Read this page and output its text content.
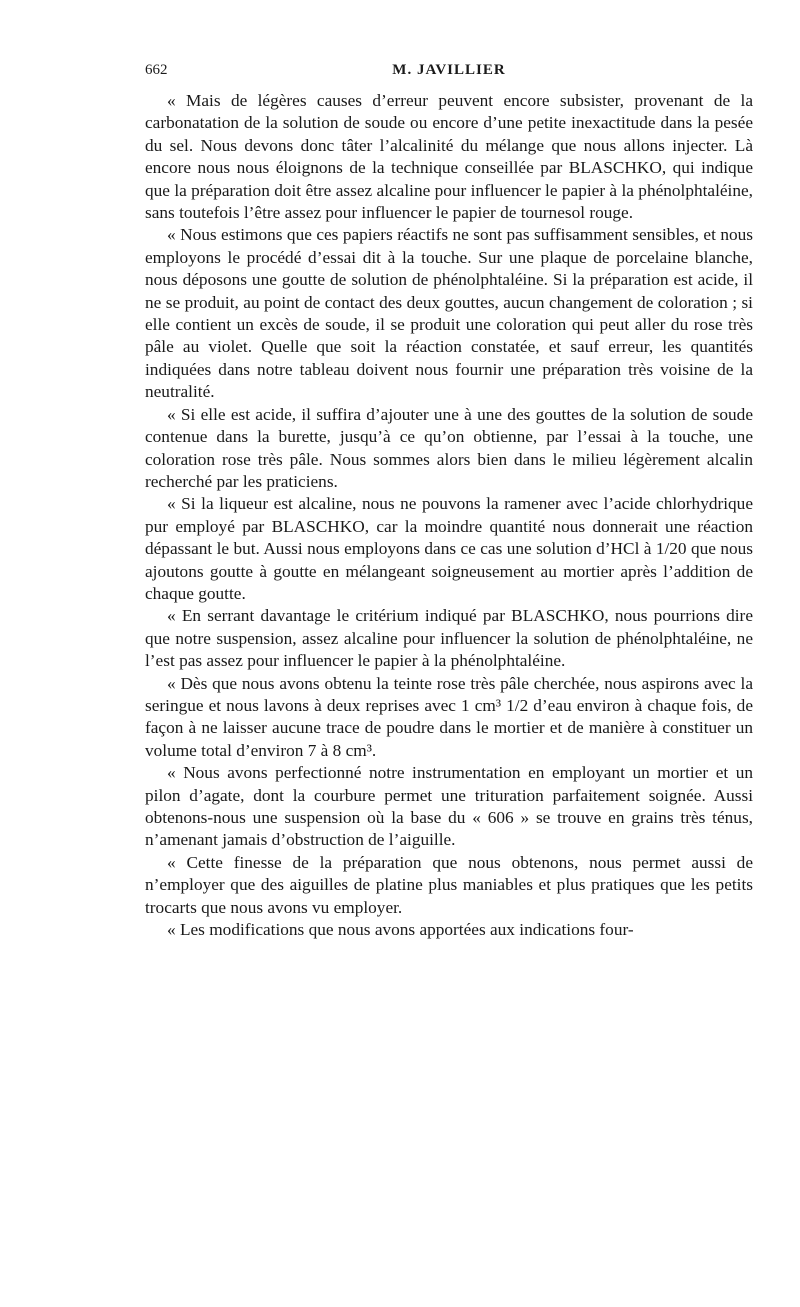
662	M. JAVILLIER

« Mais de légères causes d’erreur peuvent encore subsister, provenant de la carbonatation de la solution de soude ou encore d’une petite inexactitude dans la pesée du sel. Nous devons donc tâter l’alcalinité du mélange que nous allons injecter. Là encore nous nous éloignons de la technique conseillée par BLASCHKO, qui indique que la préparation doit être assez alcaline pour influencer le papier à la phénolphtaléine, sans toutefois l’être assez pour influencer le papier de tournesol rouge.

« Nous estimons que ces papiers réactifs ne sont pas suffisamment sensibles, et nous employons le procédé d’essai dit à la touche. Sur une plaque de porcelaine blanche, nous déposons une goutte de solution de phénolphtaléine. Si la préparation est acide, il ne se produit, au point de contact des deux gouttes, aucun changement de coloration ; si elle contient un excès de soude, il se produit une coloration qui peut aller du rose très pâle au violet. Quelle que soit la réaction constatée, et sauf erreur, les quantités indiquées dans notre tableau doivent nous fournir une préparation très voisine de la neutralité.

« Si elle est acide, il suffira d’ajouter une à une des gouttes de la solution de soude contenue dans la burette, jusqu’à ce qu’on obtienne, par l’essai à la touche, une coloration rose très pâle. Nous sommes alors bien dans le milieu légèrement alcalin recherché par les praticiens.

« Si la liqueur est alcaline, nous ne pouvons la ramener avec l’acide chlorhydrique pur employé par BLASCHKO, car la moindre quantité nous donnerait une réaction dépassant le but. Aussi nous employons dans ce cas une solution d’HCl à 1/20 que nous ajoutons goutte à goutte en mélangeant soigneusement au mortier après l’addition de chaque goutte.

« En serrant davantage le critérium indiqué par BLASCHKO, nous pourrions dire que notre suspension, assez alcaline pour influencer la solution de phénolphtaléine, ne l’est pas assez pour influencer le papier à la phénolphtaléine.

« Dès que nous avons obtenu la teinte rose très pâle cherchée, nous aspirons avec la seringue et nous lavons à deux reprises avec 1 cm³ 1/2 d’eau environ à chaque fois, de façon à ne laisser aucune trace de poudre dans le mortier et de manière à constituer un volume total d’environ 7 à 8 cm³.

« Nous avons perfectionné notre instrumentation en employant un mortier et un pilon d’agate, dont la courbure permet une trituration parfaitement soignée. Aussi obtenons-nous une suspension où la base du « 606 » se trouve en grains très ténus, n’amenant jamais d’obstruction de l’aiguille.

« Cette finesse de la préparation que nous obtenons, nous permet aussi de n’employer que des aiguilles de platine plus maniables et plus pratiques que les petits trocarts que nous avons vu employer.

« Les modifications que nous avons apportées aux indications four-
